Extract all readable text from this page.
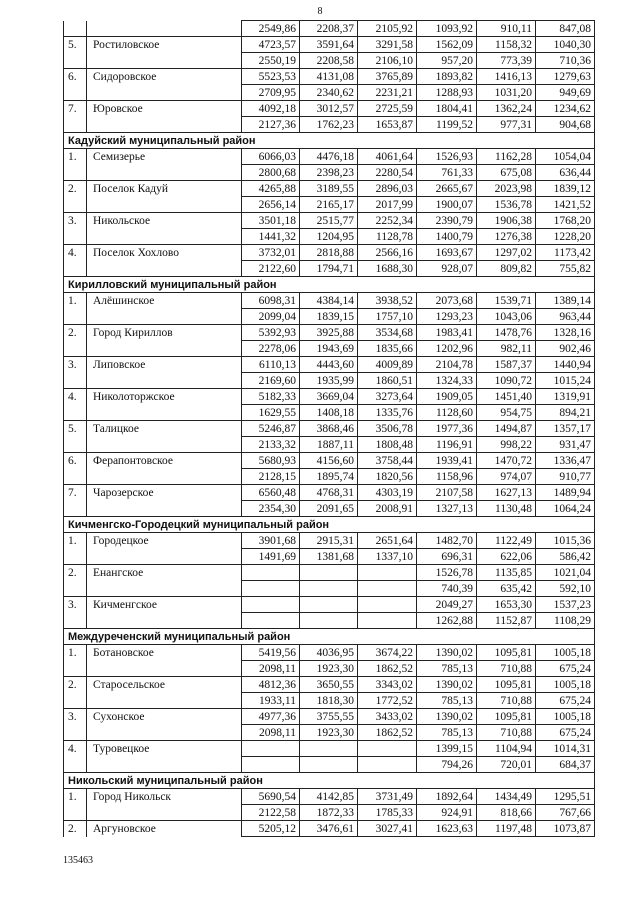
8
		2549,86	2208,37	2105,92	1093,92	910,11	847,08
5.	Ростиловское	4723,57	3591,64	3291,58	1562,09	1158,32	1040,30
		2550,19	2208,58	2106,10	957,20	773,39	710,36
6.	Сидоровское	5523,53	4131,08	3765,89	1893,82	1416,13	1279,63
		2709,95	2340,62	2231,21	1288,93	1031,20	949,69
7.	Юровское	4092,18	3012,57	2725,59	1804,41	1362,24	1234,62
		2127,36	1762,23	1653,87	1199,52	977,31	904,68
Кадуйский муниципальный район							
1.	Семизерье	6066,03	4476,18	4061,64	1526,93	1162,28	1054,04
		2800,68	2398,23	2280,54	761,33	675,08	636,44
2.	Поселок Кадуй	4265,88	3189,55	2896,03	2665,67	2023,98	1839,12
		2656,14	2165,17	2017,99	1900,07	1536,78	1421,52
3.	Никольское	3501,18	2515,77	2252,34	2390,79	1906,38	1768,20
		1441,32	1204,95	1128,78	1400,79	1276,38	1228,20
4.	Поселок Хохлово	3732,01	2818,88	2566,16	1693,67	1297,02	1173,42
		2122,60	1794,71	1688,30	928,07	809,82	755,82
Кирилловский муниципальный район							
1.	Алёшинское	6098,31	4384,14	3938,52	2073,68	1539,71	1389,14
		2099,04	1839,15	1757,10	1293,23	1043,06	963,44
2.	Город Кириллов	5392,93	3925,88	3534,68	1983,41	1478,76	1328,16
		2278,06	1943,69	1835,66	1202,96	982,11	902,46
3.	Липовское	6110,13	4443,60	4009,89	2104,78	1587,37	1440,94
		2169,60	1935,99	1860,51	1324,33	1090,72	1015,24
4.	Николоторжское	5182,33	3669,04	3273,64	1909,05	1451,40	1319,91
		1629,55	1408,18	1335,76	1128,60	954,75	894,21
5.	Талицкое	5246,87	3868,46	3506,78	1977,36	1494,87	1357,17
		2133,32	1887,11	1808,48	1196,91	998,22	931,47
6.	Ферапонтовское	5680,93	4156,60	3758,44	1939,41	1470,72	1336,47
		2128,15	1895,74	1820,56	1158,96	974,07	910,77
7.	Чарозерское	6560,48	4768,31	4303,19	2107,58	1627,13	1489,94
		2354,30	2091,65	2008,91	1327,13	1130,48	1064,24
Кичменгско-Городецкий муниципальный район							
1.	Городецкое	3901,68	2915,31	2651,64	1482,70	1122,49	1015,36
		1491,69	1381,68	1337,10	696,31	622,06	586,42
2.	Енангское				1526,78	1135,85	1021,04
					740,39	635,42	592,10
3.	Кичменгское				2049,27	1653,30	1537,23
					1262,88	1152,87	1108,29
Междуреченский муниципальный район							
1.	Ботановское	5419,56	4036,95	3674,22	1390,02	1095,81	1005,18
		2098,11	1923,30	1862,52	785,13	710,88	675,24
2.	Старосельское	4812,36	3650,55	3343,02	1390,02	1095,81	1005,18
		1933,11	1818,30	1772,52	785,13	710,88	675,24
3.	Сухонское	4977,36	3755,55	3433,02	1390,02	1095,81	1005,18
		2098,11	1923,30	1862,52	785,13	710,88	675,24
4.	Туровецкое				1399,15	1104,94	1014,31
					794,26	720,01	684,37
Никольский муниципальный район							
1.	Город Никольск	5690,54	4142,85	3731,49	1892,64	1434,49	1295,51
		2122,58	1872,33	1785,33	924,91	818,66	767,66
2.	Аргуновское	5205,12	3476,61	3027,41	1623,63	1197,48	1073,87
135463
